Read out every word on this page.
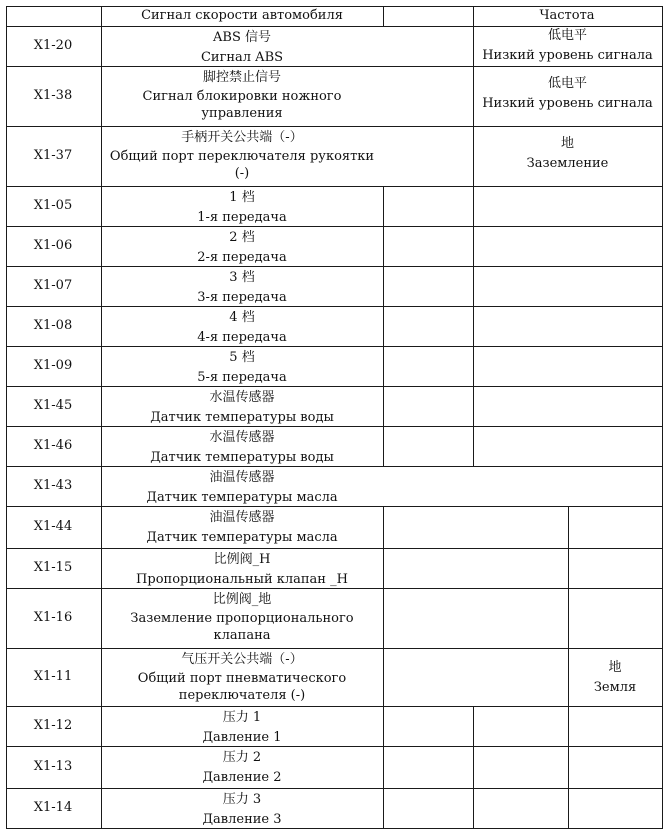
Сигнал скорости автомобиля	Частота
X1-20
ABS 信号
Сигнал ABS
低电平
Низкий уровень сигнала
X1-38
脚控禁止信号
Сигнал блокировки ножного управления
低电平
Низкий уровень сигнала
X1-37
手柄开关公共端（-）
Общий порт переключателя рукоятки (-)
地
Заземление
X1-05
1 档
1-я передача
X1-06
2 档
2-я передача
X1-07
3 档
3-я передача
X1-08
4 档
4-я передача
X1-09
5 档
5-я передача
X1-45
水温传感器
Датчик температуры воды
X1-46
水温传感器
Датчик температуры воды
X1-43
油温传感器
Датчик температуры масла
X1-44
油温传感器
Датчик температуры масла
X1-15
比例阀_H
Пропорциональный клапан _H
X1-16
比例阀_地
Заземление пропорционального клапана
X1-11
气压开关公共端（-）
Общий порт пневматического переключателя (-)
地
Земля
X1-12
压力 1
Давление 1
X1-13
压力 2
Давление 2
X1-14
压力 3
Давление 3
